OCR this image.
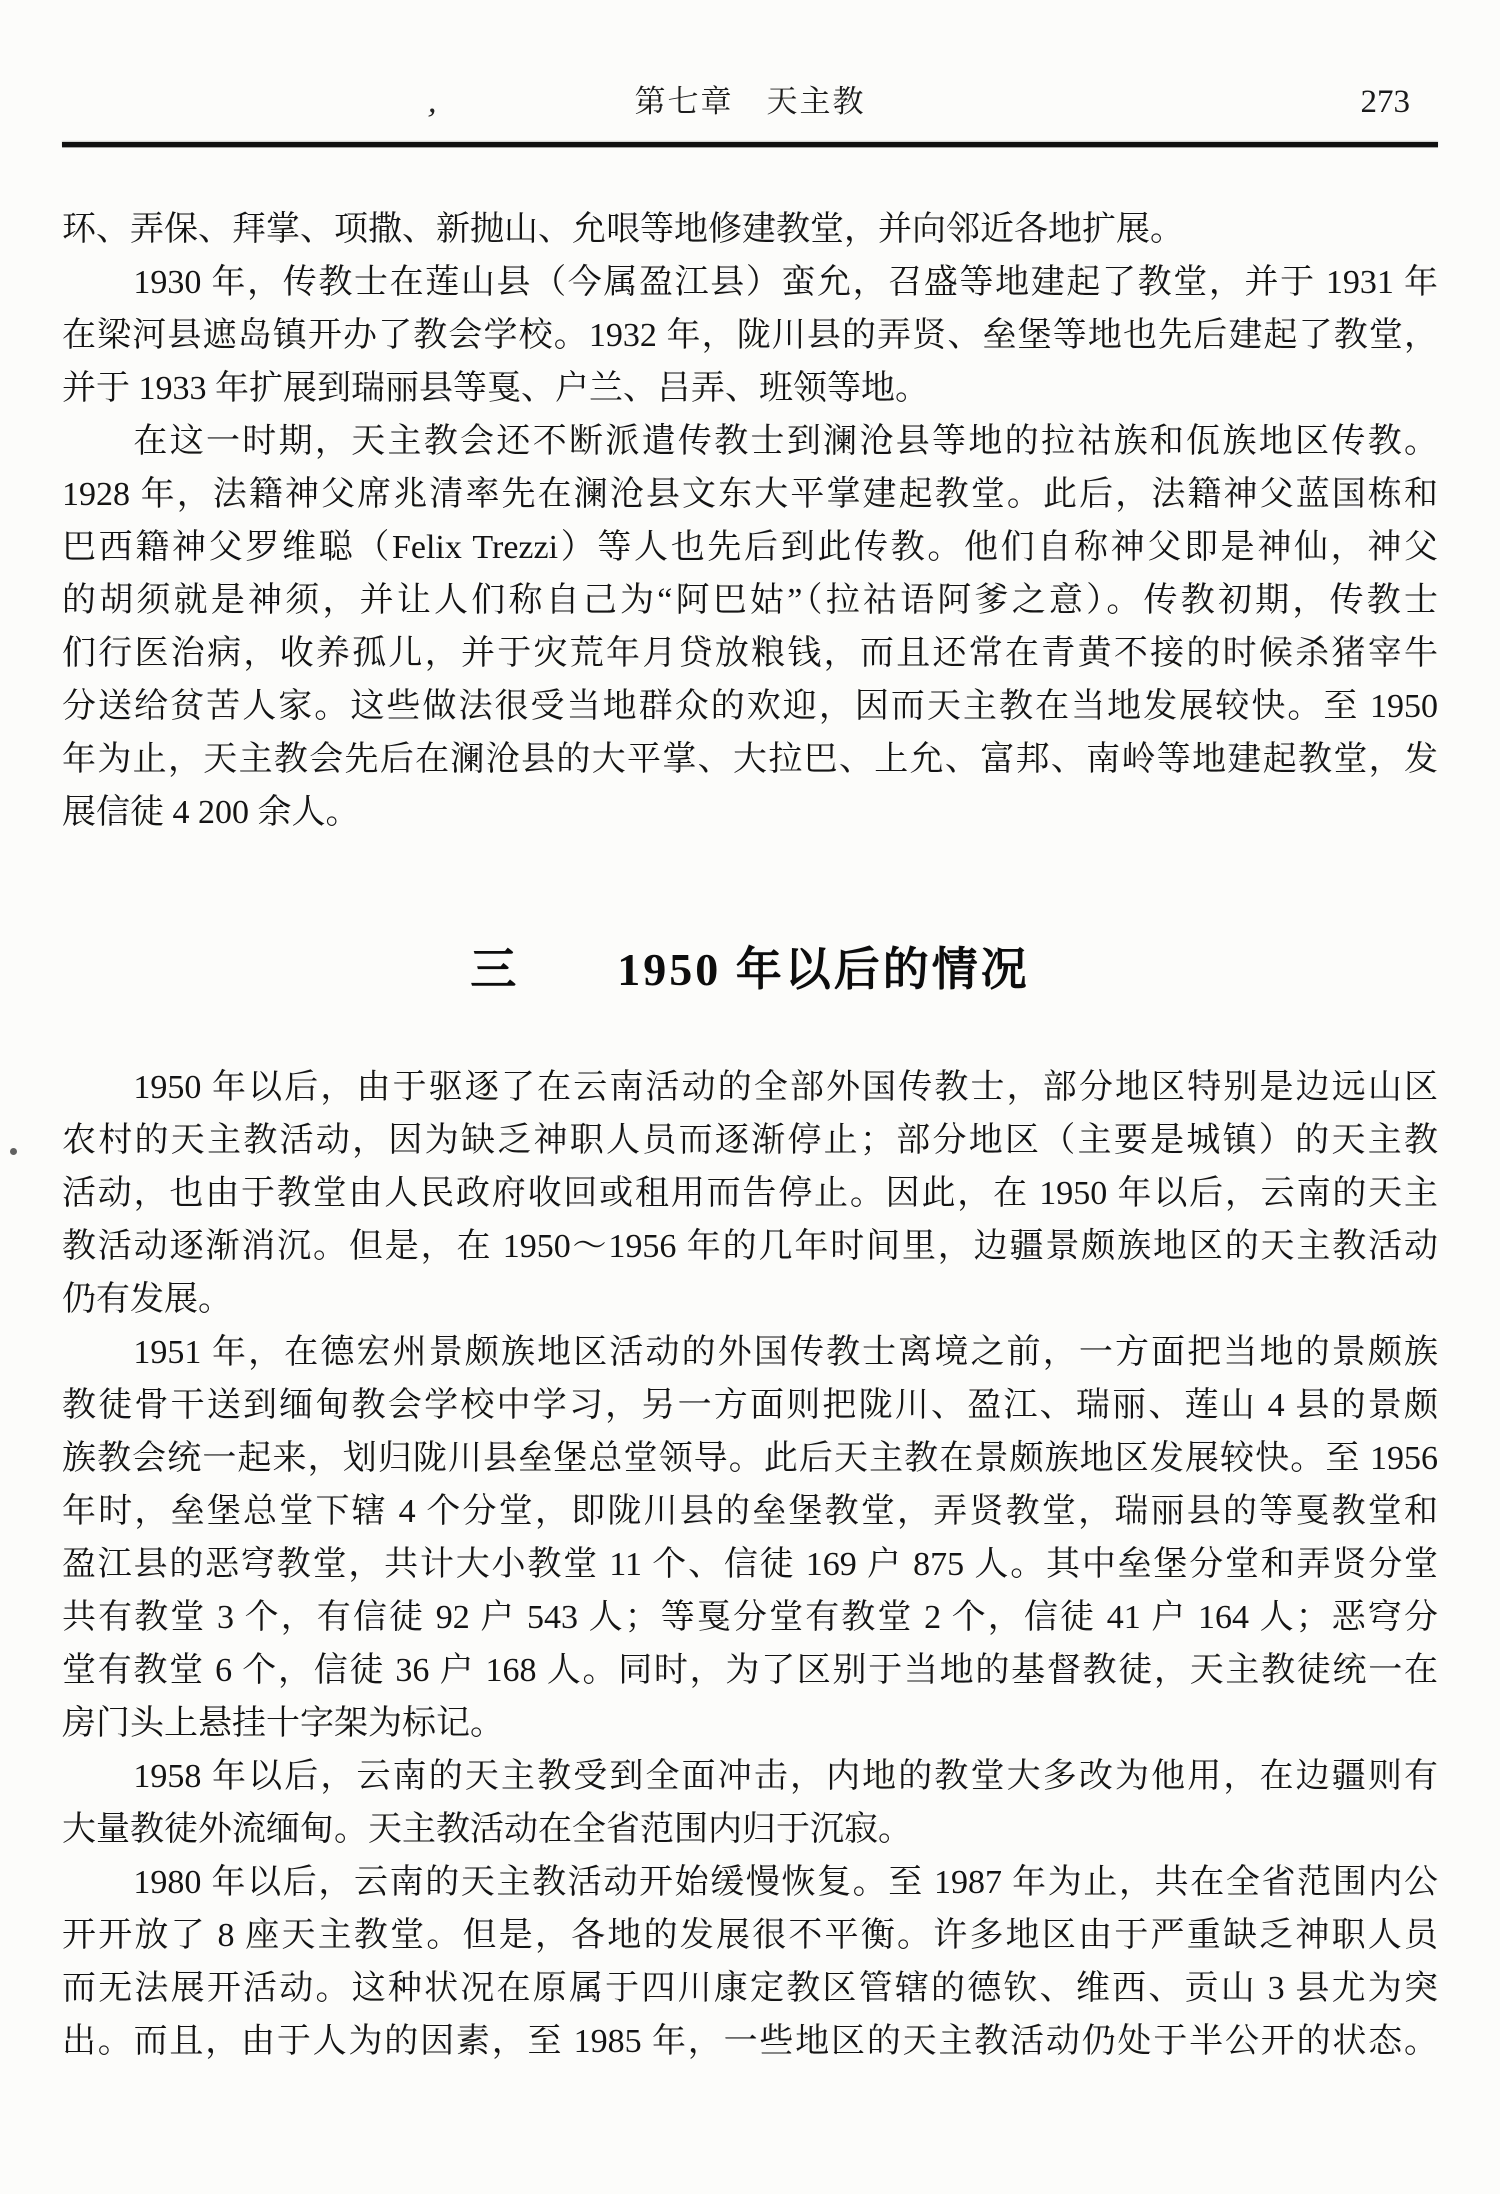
’	第七章　天主教	273
环、弄保、拜掌、项撒、新抛山、允哏等地修建教堂，并向邻近各地扩展。
1930 年，传教士在莲山县（今属盈江县）蛮允，召盛等地建起了教堂，并于 1931 年
在梁河县遮岛镇开办了教会学校。1932 年，陇川县的弄贤、垒堡等地也先后建起了教堂，
并于 1933 年扩展到瑞丽县等戛、户兰、吕弄、班领等地。
在这一时期，天主教会还不断派遣传教士到澜沧县等地的拉祜族和佤族地区传教。
1928 年，法籍神父席兆清率先在澜沧县文东大平掌建起教堂。此后，法籍神父蓝国栋和
巴西籍神父罗维聪（Felix Trezzi）等人也先后到此传教。他们自称神父即是神仙，神父
的胡须就是神须，并让人们称自己为“阿巴姑”（拉祜语阿爹之意）。传教初期，传教士
们行医治病，收养孤儿，并于灾荒年月贷放粮钱，而且还常在青黄不接的时候杀猪宰牛
分送给贫苦人家。这些做法很受当地群众的欢迎，因而天主教在当地发展较快。至 1950
年为止，天主教会先后在澜沧县的大平掌、大拉巴、上允、富邦、南岭等地建起教堂，发
展信徒 4 200 余人。
三　　1950 年以后的情况
1950 年以后，由于驱逐了在云南活动的全部外国传教士，部分地区特别是边远山区
农村的天主教活动，因为缺乏神职人员而逐渐停止；部分地区（主要是城镇）的天主教
活动，也由于教堂由人民政府收回或租用而告停止。因此，在 1950 年以后，云南的天主
教活动逐渐消沉。但是，在 1950～1956 年的几年时间里，边疆景颇族地区的天主教活动
仍有发展。
1951 年，在德宏州景颇族地区活动的外国传教士离境之前，一方面把当地的景颇族
教徒骨干送到缅甸教会学校中学习，另一方面则把陇川、盈江、瑞丽、莲山 4 县的景颇
族教会统一起来，划归陇川县垒堡总堂领导。此后天主教在景颇族地区发展较快。至 1956
年时，垒堡总堂下辖 4 个分堂，即陇川县的垒堡教堂，弄贤教堂，瑞丽县的等戛教堂和
盈江县的恶穹教堂，共计大小教堂 11 个、信徒 169 户 875 人。其中垒堡分堂和弄贤分堂
共有教堂 3 个，有信徒 92 户 543 人；等戛分堂有教堂 2 个，信徒 41 户 164 人；恶穹分
堂有教堂 6 个，信徒 36 户 168 人。同时，为了区别于当地的基督教徒，天主教徒统一在
房门头上悬挂十字架为标记。
1958 年以后，云南的天主教受到全面冲击，内地的教堂大多改为他用，在边疆则有
大量教徒外流缅甸。天主教活动在全省范围内归于沉寂。
1980 年以后，云南的天主教活动开始缓慢恢复。至 1987 年为止，共在全省范围内公
开开放了 8 座天主教堂。但是，各地的发展很不平衡。许多地区由于严重缺乏神职人员
而无法展开活动。这种状况在原属于四川康定教区管辖的德钦、维西、贡山 3 县尤为突
出。而且，由于人为的因素，至 1985 年，一些地区的天主教活动仍处于半公开的状态。
